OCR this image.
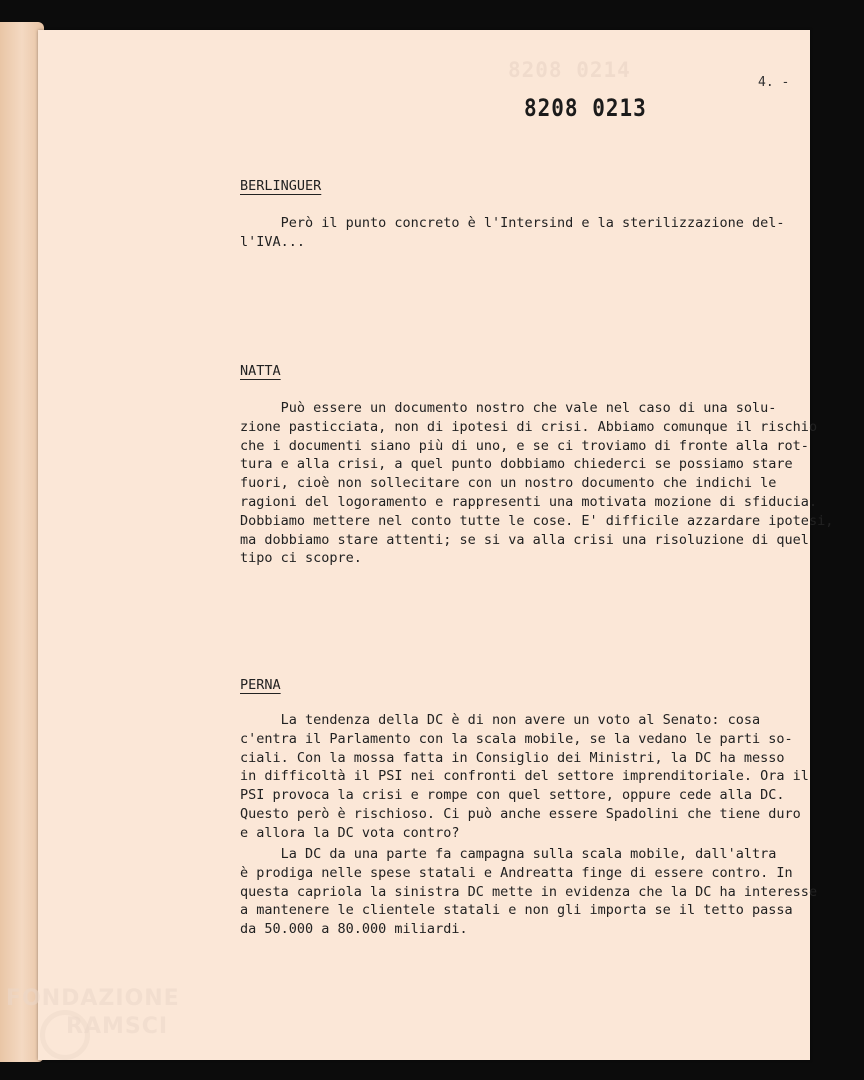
8208 0214
4. -
8208 0213
BERLINGUER

Però il punto concreto è l'Intersind e la sterilizzazione del-
l'IVA...

NATTA

Può essere un documento nostro che vale nel caso di una solu-
zione pasticciata, non di ipotesi di crisi. Abbiamo comunque il rischio
che i documenti siano più di uno, e se ci troviamo di fronte alla rot-
tura e alla crisi, a quel punto dobbiamo chiederci se possiamo stare
fuori, cioè non sollecitare con un nostro documento che indichi le
ragioni del logoramento e rappresenti una motivata mozione di sfiducia.
Dobbiamo mettere nel conto tutte le cose. E' difficile azzardare ipotesi,
ma dobbiamo stare attenti; se si va alla crisi una risoluzione di quel
tipo ci scopre.

PERNA

La tendenza della DC è di non avere un voto al Senato: cosa
c'entra il Parlamento con la scala mobile, se la vedano le parti so-
ciali. Con la mossa fatta in Consiglio dei Ministri, la DC ha messo
in difficoltà il PSI nei confronti del settore imprenditoriale. Ora il
PSI provoca la crisi e rompe con quel settore, oppure cede alla DC.
Questo però è rischioso. Ci può anche essere Spadolini che tiene duro
e allora la DC vota contro?

La DC da una parte fa campagna sulla scala mobile, dall'altra
è prodiga nelle spese statali e Andreatta finge di essere contro. In
questa capriola la sinistra DC mette in evidenza che la DC ha interesse
a mantenere le clientele statali e non gli importa se il tetto passa
da 50.000 a 80.000 miliardi.

FONDAZIONE
RAMSCI
